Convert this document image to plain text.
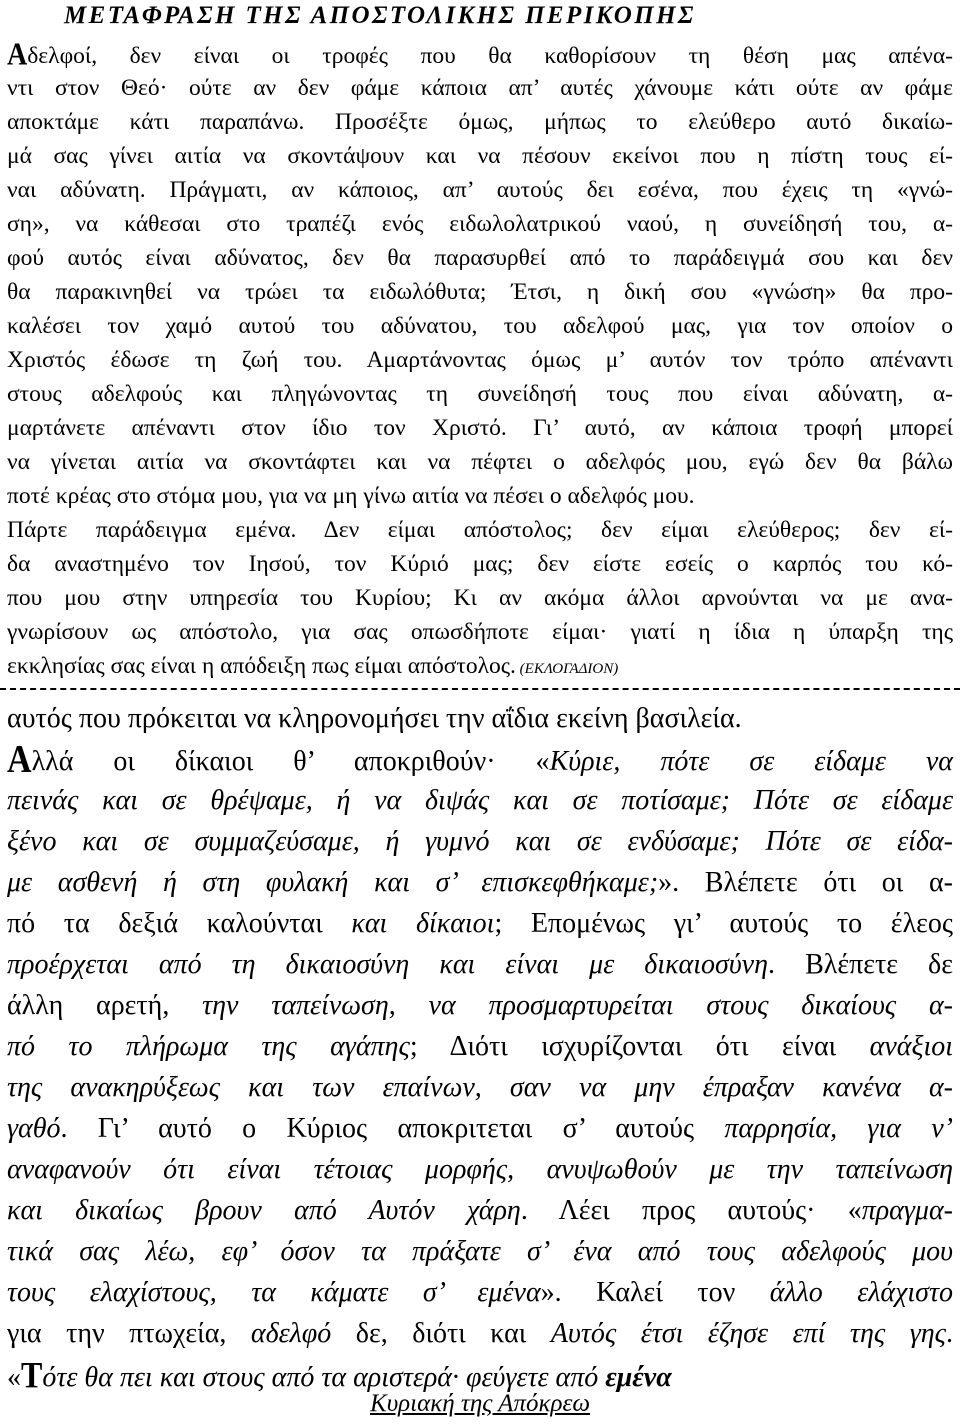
ΜΕΤΑΦΡΑΣΗ ΤΗΣ ΑΠΟΣΤΟΛΙΚΗΣ ΠΕΡΙΚΟΠΗΣ
Αδελφοί, δεν είναι οι τροφές που θα καθορίσουν τη θέση μας απένα-
ντι στον Θεό· ούτε αν δεν φάμε κάποια απ’ αυτές χάνουμε κάτι ούτε αν φάμε
αποκτάμε κάτι παραπάνω. Προσέξτε όμως, μήπως το ελεύθερο αυτό δικαίω-
μά σας γίνει αιτία να σκοντάψουν και να πέσουν εκείνοι που η πίστη τους εί-
ναι αδύνατη. Πράγματι, αν κάποιος, απ’ αυτούς δει εσένα, που έχεις τη «γνώ-
ση», να κάθεσαι στο τραπέζι ενός ειδωλολατρικού ναού, η συνείδησή του, α-
φού αυτός είναι αδύνατος, δεν θα παρασυρθεί από το παράδειγμά σου και δεν
θα παρακινηθεί να τρώει τα ειδωλόθυτα; Έτσι, η δική σου «γνώση» θα προ-
καλέσει τον χαμό αυτού του αδύνατου, του αδελφού μας, για τον οποίον ο
Χριστός έδωσε τη ζωή του. Αμαρτάνοντας όμως μ’ αυτόν τον τρόπο απέναντι
στους αδελφούς και πληγώνοντας τη συνείδησή τους που είναι αδύνατη, α-
μαρτάνετε απέναντι στον ίδιο τον Χριστό. Γι’ αυτό, αν κάποια τροφή μπορεί
να γίνεται αιτία να σκοντάφτει και να πέφτει ο αδελφός μου, εγώ δεν θα βάλω
ποτέ κρέας στο στόμα μου, για να μη γίνω αιτία να πέσει ο αδελφός μου.
Πάρτε παράδειγμα εμένα. Δεν είμαι απόστολος; δεν είμαι ελεύθερος; δεν εί-
δα αναστημένο τον Ιησού, τον Κύριό μας; δεν είστε εσείς ο καρπός του κό-
που μου στην υπηρεσία του Κυρίου; Κι αν ακόμα άλλοι αρνούνται να με ανα-
γνωρίσουν ως απόστολο, για σας οπωσδήποτε είμαι· γιατί η ίδια η ύπαρξη της
εκκλησίας σας είναι η απόδειξη πως είμαι απόστολος. (ΕΚΛΟΓΑΔΙΟΝ)
αυτός που πρόκειται να κληρονομήσει την αΐδια εκείνη βασιλεία.
Αλλά οι δίκαιοι θ’ αποκριθούν· «Κύριε, πότε σε είδαμε να
πεινάς και σε θρέψαμε, ή να διψάς και σε ποτίσαμε; Πότε σε είδαμε
ξένο και σε συμμαζεύσαμε, ή γυμνό και σε ενδύσαμε; Πότε σε είδα-
με ασθενή ή στη φυλακή και σ’ επισκεφθήκαμε;». Βλέπετε ότι οι α-
πό τα δεξιά καλούνται και δίκαιοι; Επομένως γι’ αυτούς το έλεος
προέρχεται από τη δικαιοσύνη και είναι με δικαιοσύνη. Βλέπετε δε
άλλη αρετή, την ταπείνωση, να προσμαρτυρείται στους δικαίους α-
πό το πλήρωμα της αγάπης; Διότι ισχυρίζονται ότι είναι ανάξιοι
της ανακηρύξεως και των επαίνων, σαν να μην έπραξαν κανένα α-
γαθό. Γι’ αυτό ο Κύριος αποκριτεται σ’ αυτούς παρρησία, για ν’
αναφανούν ότι είναι τέτοιας μορφής, ανυψωθούν με την ταπείνωση
και δικαίως βρουν από Αυτόν χάρη. Λέει προς αυτούς· «πραγμα-
τικά σας λέω, εφ’ όσον τα πράξατε σ’ ένα από τους αδελφούς μου
τους ελαχίστους, τα κάματε σ’ εμένα». Καλεί τον άλλο ελάχιστο
για την πτωχεία, αδελφό δε, διότι και Αυτός έτσι έζησε επί της γης.
«Τότε θα πει και στους από τα αριστερά· φεύγετε από εμένα
Κυριακή της Απόκρεω
